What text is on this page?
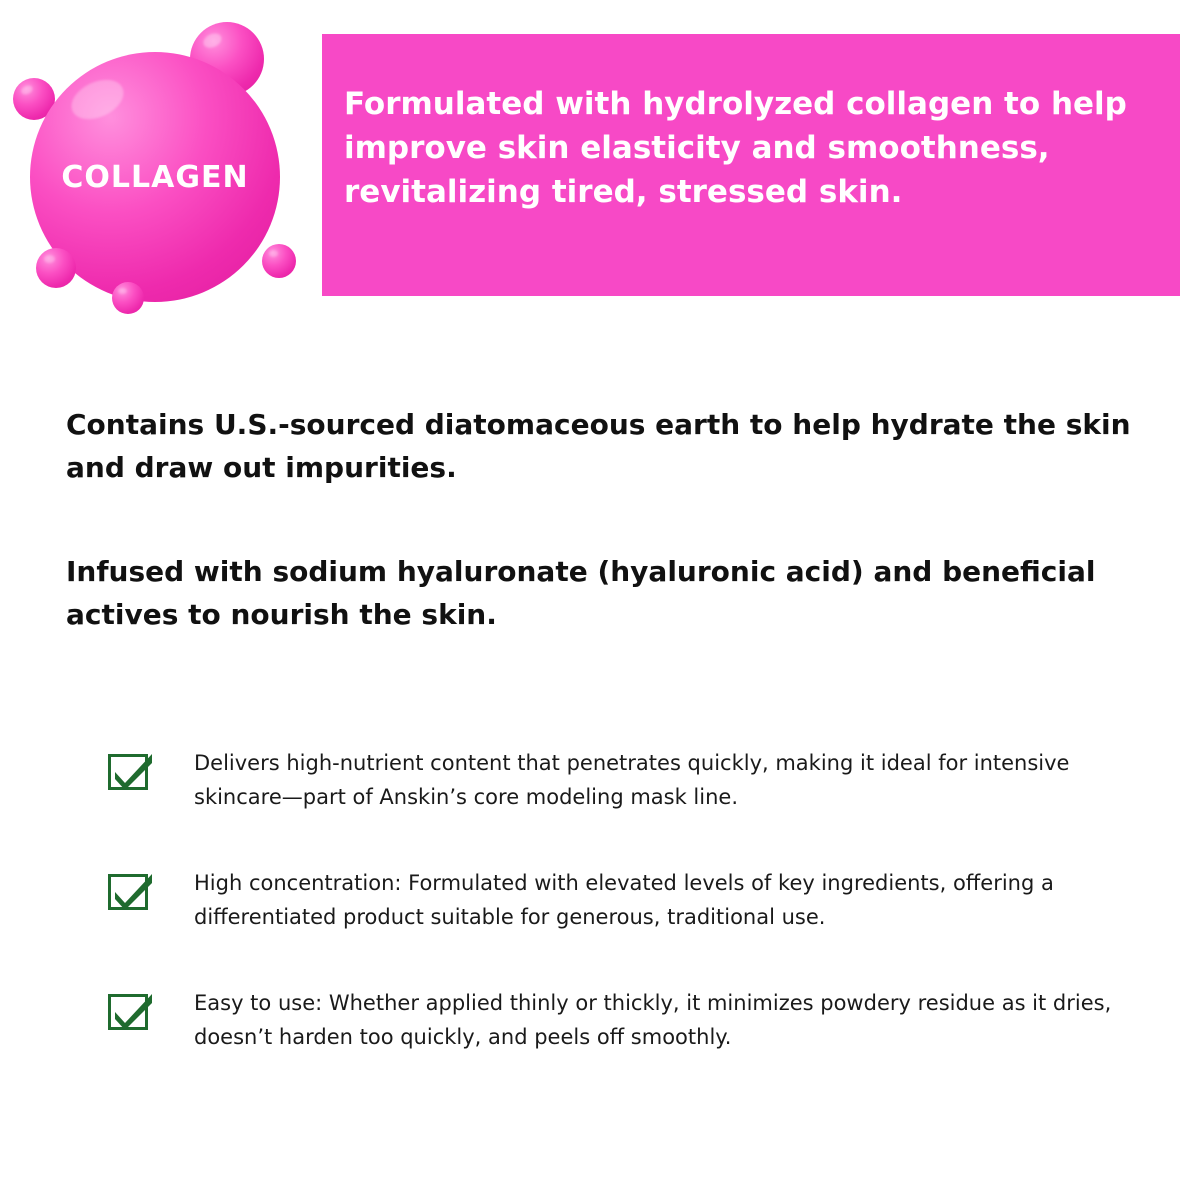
COLLAGEN

Formulated with hydrolyzed collagen to help improve skin elasticity and smoothness, revitalizing tired, stressed skin.

Contains U.S.-sourced diatomaceous earth to help hydrate the skin and draw out impurities.

Infused with sodium hyaluronate (hyaluronic acid) and beneficial actives to nourish the skin.

Delivers high-nutrient content that penetrates quickly, making it ideal for intensive skincare—part of Anskin’s core modeling mask line.
High concentration: Formulated with elevated levels of key ingredients, offering a differentiated product suitable for generous, traditional use.
Easy to use: Whether applied thinly or thickly, it minimizes powdery residue as it dries, doesn’t harden too quickly, and peels off smoothly.
